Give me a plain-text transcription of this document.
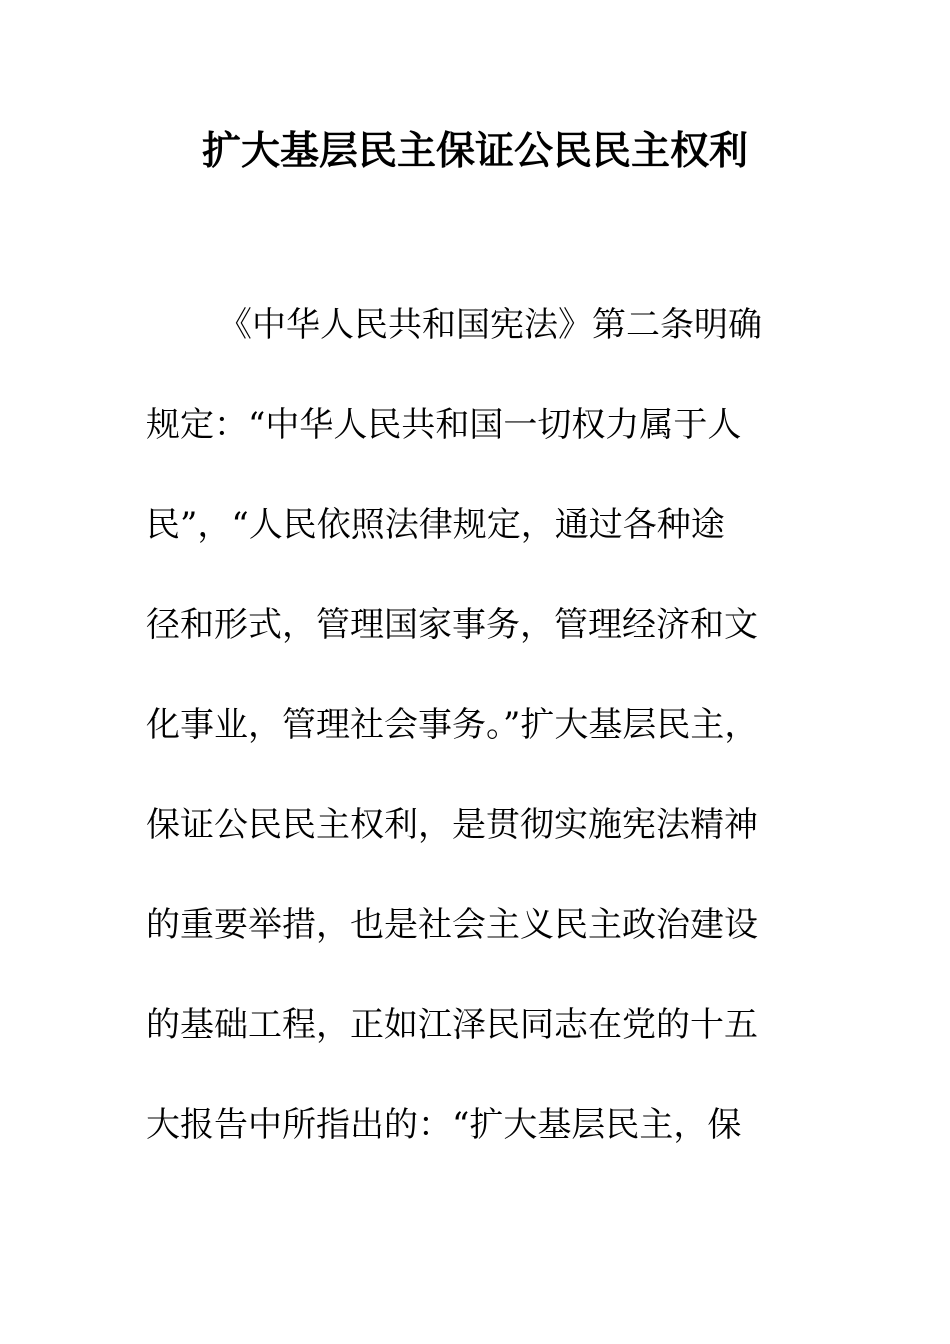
扩大基层民主保证公民民主权利
《中华人民共和国宪法》第二条明确
规定：“中华人民共和国一切权力属于人
民”，“人民依照法律规定，通过各种途
径和形式，管理国家事务，管理经济和文
化事业，管理社会事务。”扩大基层民主，
保证公民民主权利，是贯彻实施宪法精神
的重要举措，也是社会主义民主政治建设
的基础工程，正如江泽民同志在党的十五
大报告中所指出的：“扩大基层民主，保
